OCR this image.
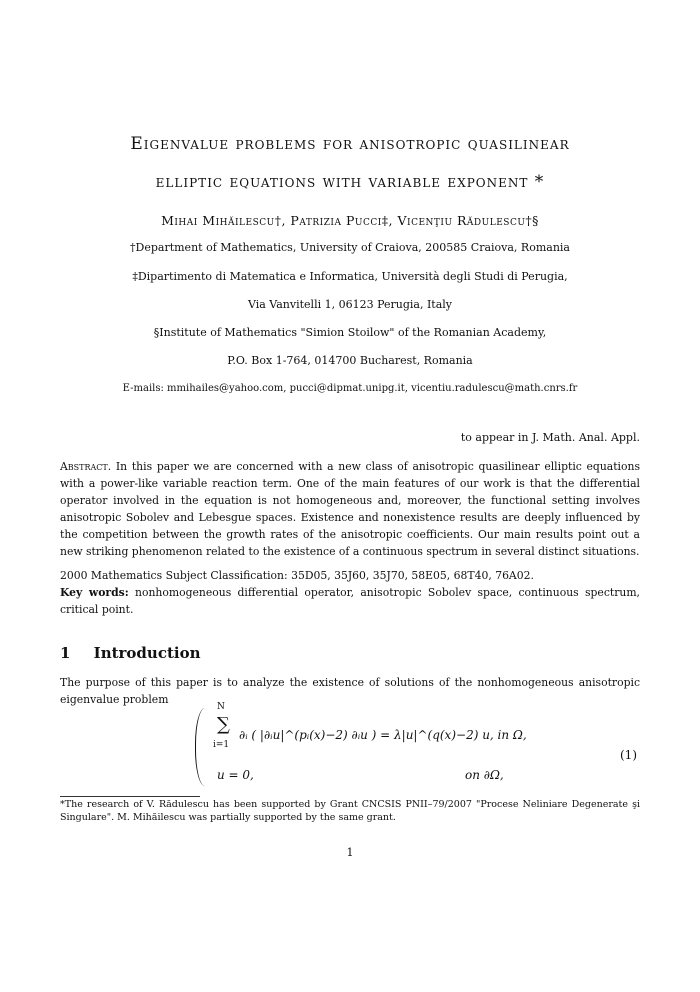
Eigenvalue problems for anisotropic quasilinear
elliptic equations with variable exponent *
Mihai Mihăilescu†, Patrizia Pucci‡, Vicenţiu Rădulescu†§
†Department of Mathematics, University of Craiova, 200585 Craiova, Romania
‡Dipartimento di Matematica e Informatica, Università degli Studi di Perugia,
Via Vanvitelli 1, 06123 Perugia, Italy
§Institute of Mathematics "Simion Stoilow" of the Romanian Academy,
P.O. Box 1-764, 014700 Bucharest, Romania
E-mails: mmihailes@yahoo.com, pucci@dipmat.unipg.it, vicentiu.radulescu@math.cnrs.fr
to appear in J. Math. Anal. Appl.
Abstract. In this paper we are concerned with a new class of anisotropic quasilinear elliptic equations with a power-like variable reaction term. One of the main features of our work is that the differential operator involved in the equation is not homogeneous and, moreover, the functional setting involves anisotropic Sobolev and Lebesgue spaces. Existence and nonexistence results are deeply influenced by the competition between the growth rates of the anisotropic coefficients. Our main results point out a new striking phenomenon related to the existence of a continuous spectrum in several distinct situations.
2000 Mathematics Subject Classification: 35D05, 35J60, 35J70, 58E05, 68T40, 76A02.
Key words: nonhomogeneous differential operator, anisotropic Sobolev space, continuous spectrum, critical point.
1 Introduction
The purpose of this paper is to analyze the existence of solutions of the nonhomogeneous anisotropic eigenvalue problem
N
∑
i=1
∂ᵢ ( |∂ᵢu|^(pᵢ(x)−2) ∂ᵢu ) = λ|u|^(q(x)−2) u, in Ω,
u = 0,	on ∂Ω,
(1)
*The research of V. Rădulescu has been supported by Grant CNCSIS PNII–79/2007 "Procese Neliniare Degenerate şi Singulare". M. Mihăilescu was partially supported by the same grant.
1
